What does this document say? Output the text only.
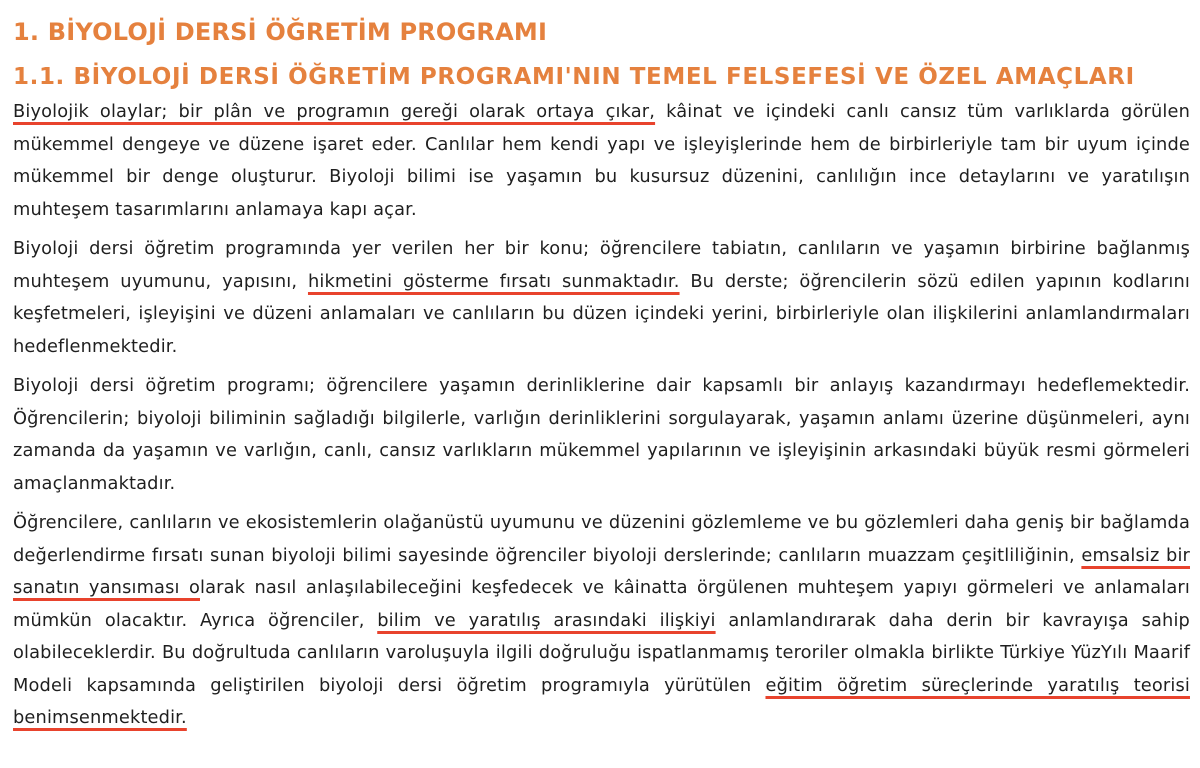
1. BİYOLOJİ DERSİ ÖĞRETİM PROGRAMI
1.1. BİYOLOJİ DERSİ ÖĞRETİM PROGRAMI'NIN TEMEL FELSEFESİ VE ÖZEL AMAÇLARI

Biyolojik olaylar; bir plân ve programın gereği olarak ortaya çıkar, kâinat ve içindeki canlı cansız tüm varlıklarda görülen mükemmel dengeye ve düzene işaret eder. Canlılar hem kendi yapı ve işleyişlerinde hem de birbirleriyle tam bir uyum içinde mükemmel bir denge oluşturur. Biyoloji bilimi ise yaşamın bu kusursuz düzenini, canlılığın ince detaylarını ve yaratılışın muhteşem tasarımlarını anlamaya kapı açar.

Biyoloji dersi öğretim programında yer verilen her bir konu; öğrencilere tabiatın, canlıların ve yaşamın birbirine bağlanmış muhteşem uyumunu, yapısını, hikmetini gösterme fırsatı sunmaktadır. Bu derste; öğrencilerin sözü edilen yapının kodlarını keşfetmeleri, işleyişini ve düzeni anlamaları ve canlıların bu düzen içindeki yerini, birbirleriyle olan ilişkilerini anlamlandırmaları hedeflenmektedir.

Biyoloji dersi öğretim programı; öğrencilere yaşamın derinliklerine dair kapsamlı bir anlayış kazandırmayı hedeflemektedir. Öğrencilerin; biyoloji biliminin sağladığı bilgilerle, varlığın derinliklerini sorgulayarak, yaşamın anlamı üzerine düşünmeleri, aynı zamanda da yaşamın ve varlığın, canlı, cansız varlıkların mükemmel yapılarının ve işleyişinin arkasındaki büyük resmi görmeleri amaçlanmaktadır.

Öğrencilere, canlıların ve ekosistemlerin olağanüstü uyumunu ve düzenini gözlemleme ve bu gözlemleri daha geniş bir bağlamda değerlendirme fırsatı sunan biyoloji bilimi sayesinde öğrenciler biyoloji derslerinde; canlıların muazzam çeşitliliğinin, emsalsiz bir sanatın yansıması olarak nasıl anlaşılabileceğini keşfedecek ve kâinatta örgülenen muhteşem yapıyı görmeleri ve anlamaları mümkün olacaktır. Ayrıca öğrenciler, bilim ve yaratılış arasındaki ilişkiyi anlamlandırarak daha derin bir kavrayışa sahip olabileceklerdir. Bu doğrultuda canlıların varoluşuyla ilgili doğruluğu ispatlanmamış teroriler olmakla birlikte Türkiye YüzYılı Maarif Modeli kapsamında geliştirilen biyoloji dersi öğretim programıyla yürütülen eğitim öğretim süreçlerinde yaratılış teorisi benimsenmektedir.
